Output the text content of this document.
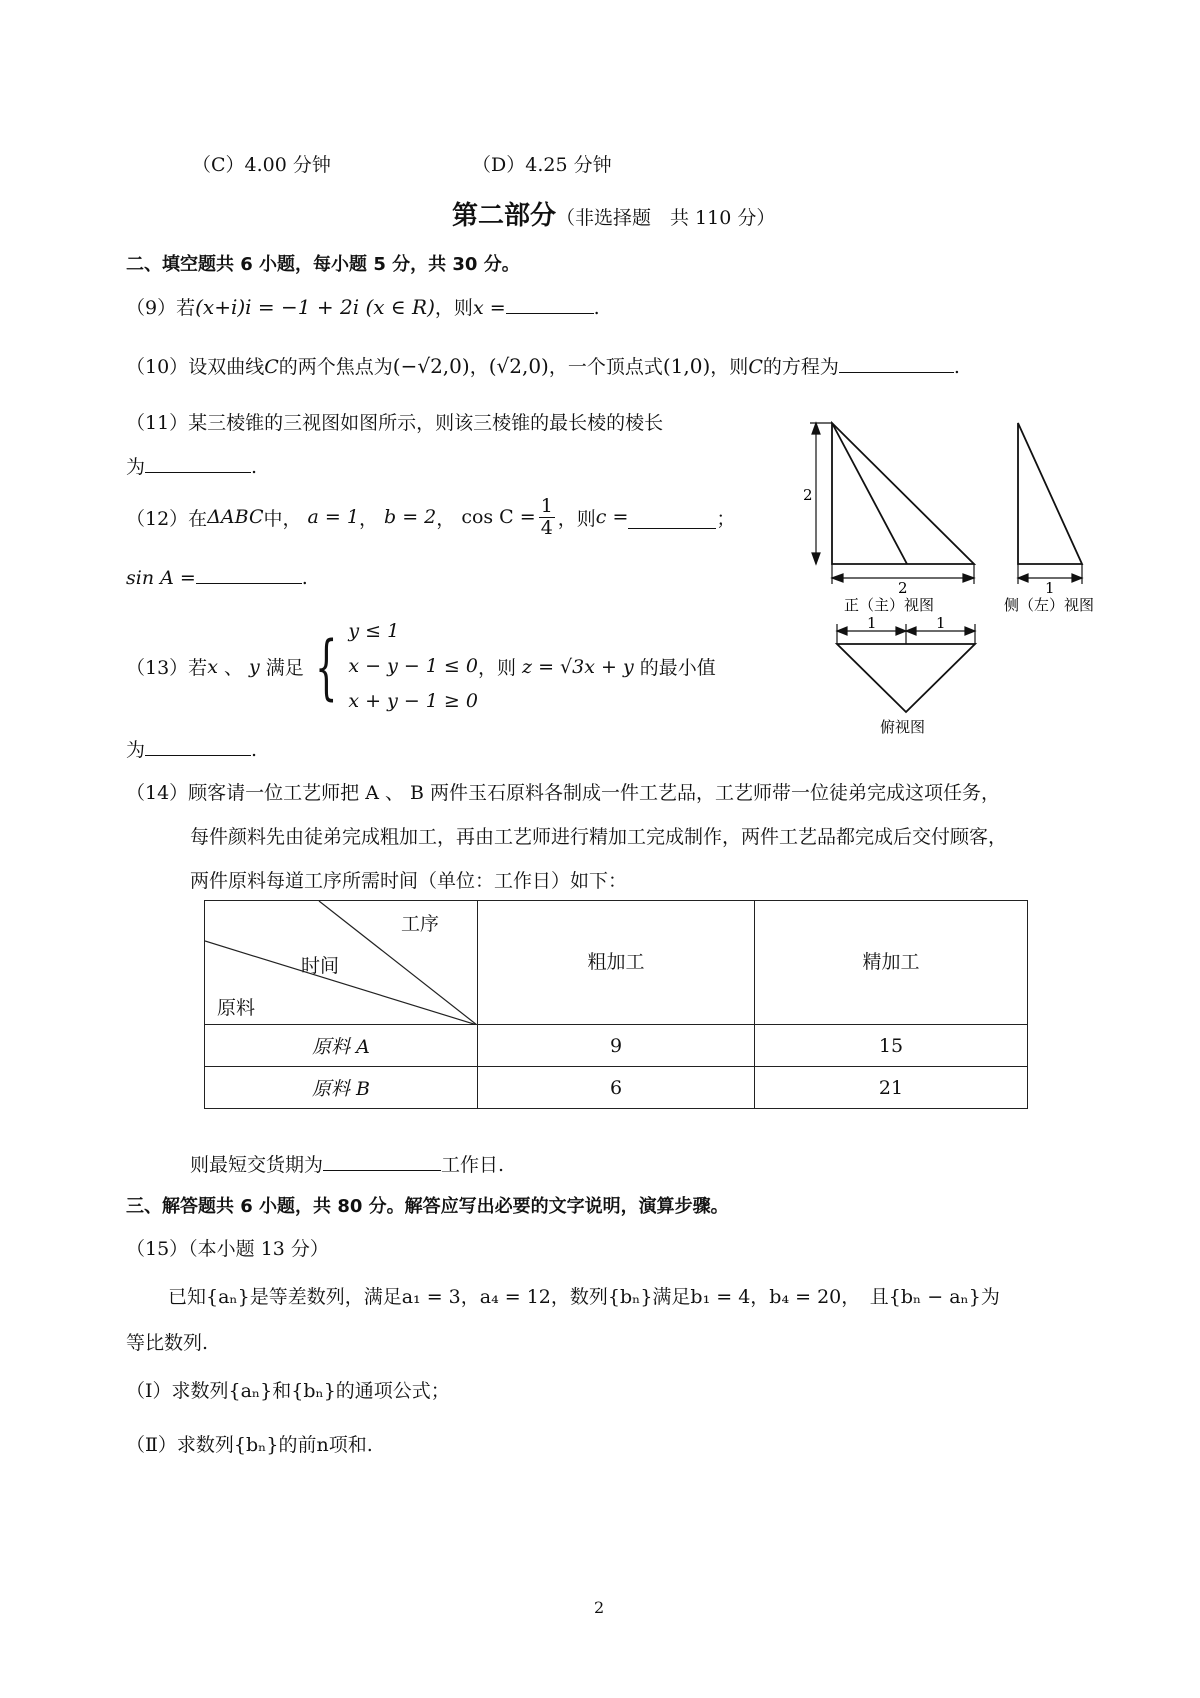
（C）4.00 分钟	（D）4.25 分钟
第二部分（非选择题　共 110 分）
二、填空题共 6 小题，每小题 5 分，共 30 分。
（9）若(x+i)i = −1 + 2i (x ∈ R)，则x =	.
（10）设双曲线C的两个焦点为(−√2,0)，(√2,0)，一个顶点式(1,0)，则C的方程为	.
（11）某三棱锥的三视图如图所示，则该三棱锥的最长棱的棱长
为	.
（12）在 ΔABC 中，
a = 1 ， b = 2 ， $\cos C = \frac{1}{4}$ ，则 c =	；
sin A =	.
（13）若 x
、
y
满足 { y ≤ 1
x − y − 1 ≤ 0
x + y − 1 ≥ 0
，则
z = √3x + y
的最小值
为	.
（14）顾客请一位工艺师把 A 、 B 两件玉石原料各制成一件工艺品，工艺师带一位徒弟完成这项任务，
每件颜料先由徒弟完成粗加工，再由工艺师进行精加工完成制作，两件工艺品都完成后交付顾客，
两件原料每道工序所需时间（单位：工作日）如下：
工序
时间
原料	粗加工	精加工
原料 A	9	15
原料 B	6	21
则最短交货期为	工作日.
三、解答题共 6 小题，共 80 分。解答应写出必要的文字说明，演算步骤。
（15）（本小题 13 分）
已知{aₙ}是等差数列，满足a₁ = 3，a₄ = 12，数列{bₙ}满足b₁ = 4，b₄ = 20，　且{bₙ − aₙ}为
等比数列.
（Ⅰ）求数列{aₙ}和{bₙ}的通项公式；
（Ⅱ）求数列{bₙ}的前n项和.
2
2
正（主）视图
1
侧（左）视图
1	1
俯视图
2
